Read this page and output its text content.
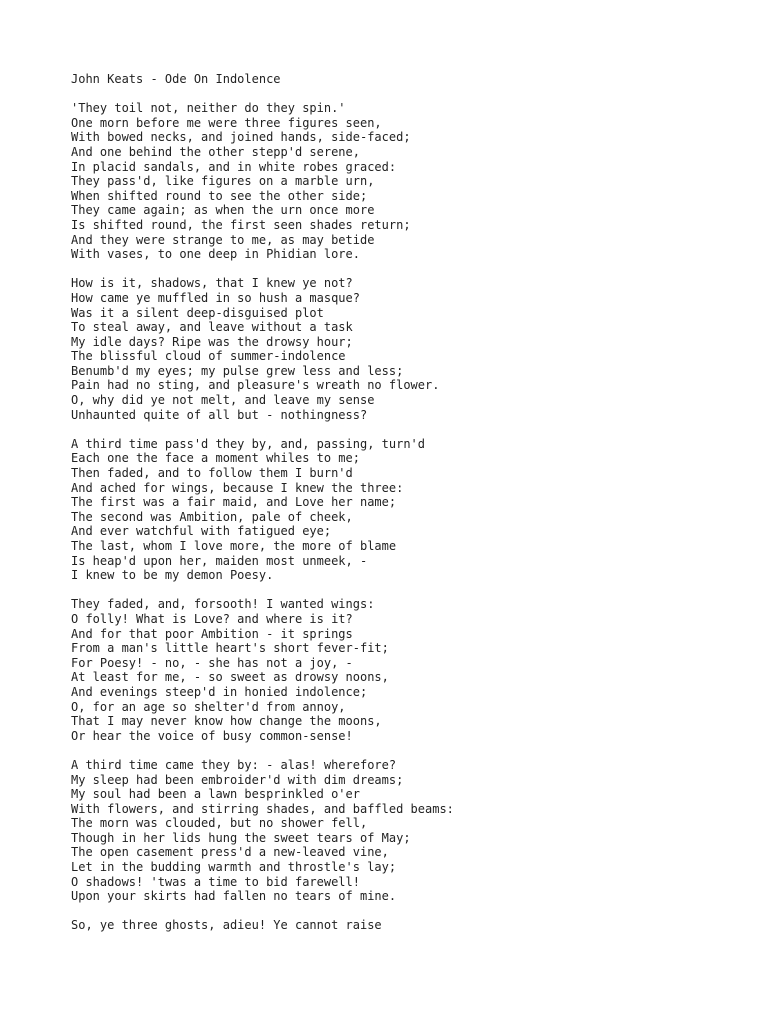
John Keats - Ode On Indolence
'They toil not, neither do they spin.'
One morn before me were three figures seen,
With bowed necks, and joined hands, side-faced;
And one behind the other stepp'd serene,
In placid sandals, and in white robes graced:
They pass'd, like figures on a marble urn,
When shifted round to see the other side;
They came again; as when the urn once more
Is shifted round, the first seen shades return;
And they were strange to me, as may betide
With vases, to one deep in Phidian lore.
How is it, shadows, that I knew ye not?
How came ye muffled in so hush a masque?
Was it a silent deep-disguised plot
To steal away, and leave without a task
My idle days? Ripe was the drowsy hour;
The blissful cloud of summer-indolence
Benumb'd my eyes; my pulse grew less and less;
Pain had no sting, and pleasure's wreath no flower.
O, why did ye not melt, and leave my sense
Unhaunted quite of all but - nothingness?
A third time pass'd they by, and, passing, turn'd
Each one the face a moment whiles to me;
Then faded, and to follow them I burn'd
And ached for wings, because I knew the three:
The first was a fair maid, and Love her name;
The second was Ambition, pale of cheek,
And ever watchful with fatigued eye;
The last, whom I love more, the more of blame
Is heap'd upon her, maiden most unmeek, -
I knew to be my demon Poesy.
They faded, and, forsooth! I wanted wings:
O folly! What is Love? and where is it?
And for that poor Ambition - it springs
From a man's little heart's short fever-fit;
For Poesy! - no, - she has not a joy, -
At least for me, - so sweet as drowsy noons,
And evenings steep'd in honied indolence;
O, for an age so shelter'd from annoy,
That I may never know how change the moons,
Or hear the voice of busy common-sense!
A third time came they by: - alas! wherefore?
My sleep had been embroider'd with dim dreams;
My soul had been a lawn besprinkled o'er
With flowers, and stirring shades, and baffled beams:
The morn was clouded, but no shower fell,
Though in her lids hung the sweet tears of May;
The open casement press'd a new-leaved vine,
Let in the budding warmth and throstle's lay;
O shadows! 'twas a time to bid farewell!
Upon your skirts had fallen no tears of mine.
So, ye three ghosts, adieu! Ye cannot raise
